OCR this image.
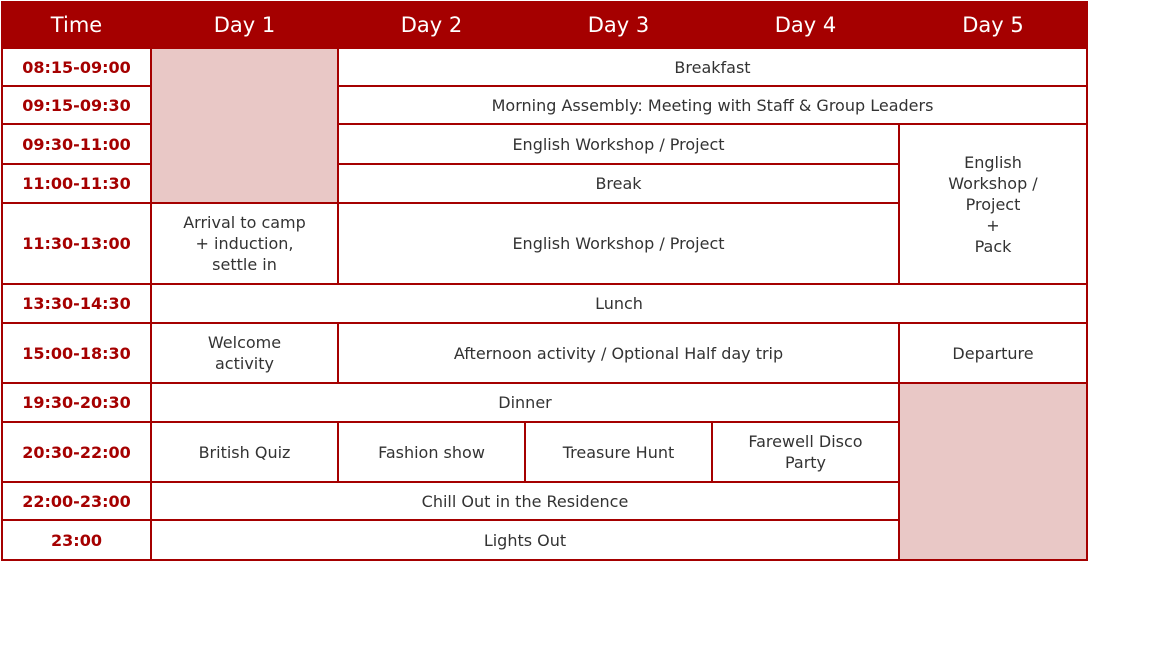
Time	Day 1	Day 2	Day 3	Day 4	Day 5
08:15-09:00		Breakfast			
09:15-09:30		Morning Assembly: Meeting with Staff & Group Leaders			
09:30-11:00		English Workshop / Project			English
Workshop /
Project
+
Pack
11:00-11:30		Break			
11:30-13:00	Arrival to camp
+ induction,
settle in	English Workshop / Project			
13:30-14:30	Lunch				
15:00-18:30	Welcome
activity	Afternoon activity / Optional Half day trip			Departure
19:30-20:30	Dinner				
20:30-22:00	British Quiz	Fashion show	Treasure Hunt	Farewell Disco
Party	
22:00-23:00	Chill Out in the Residence				
23:00	Lights Out				
